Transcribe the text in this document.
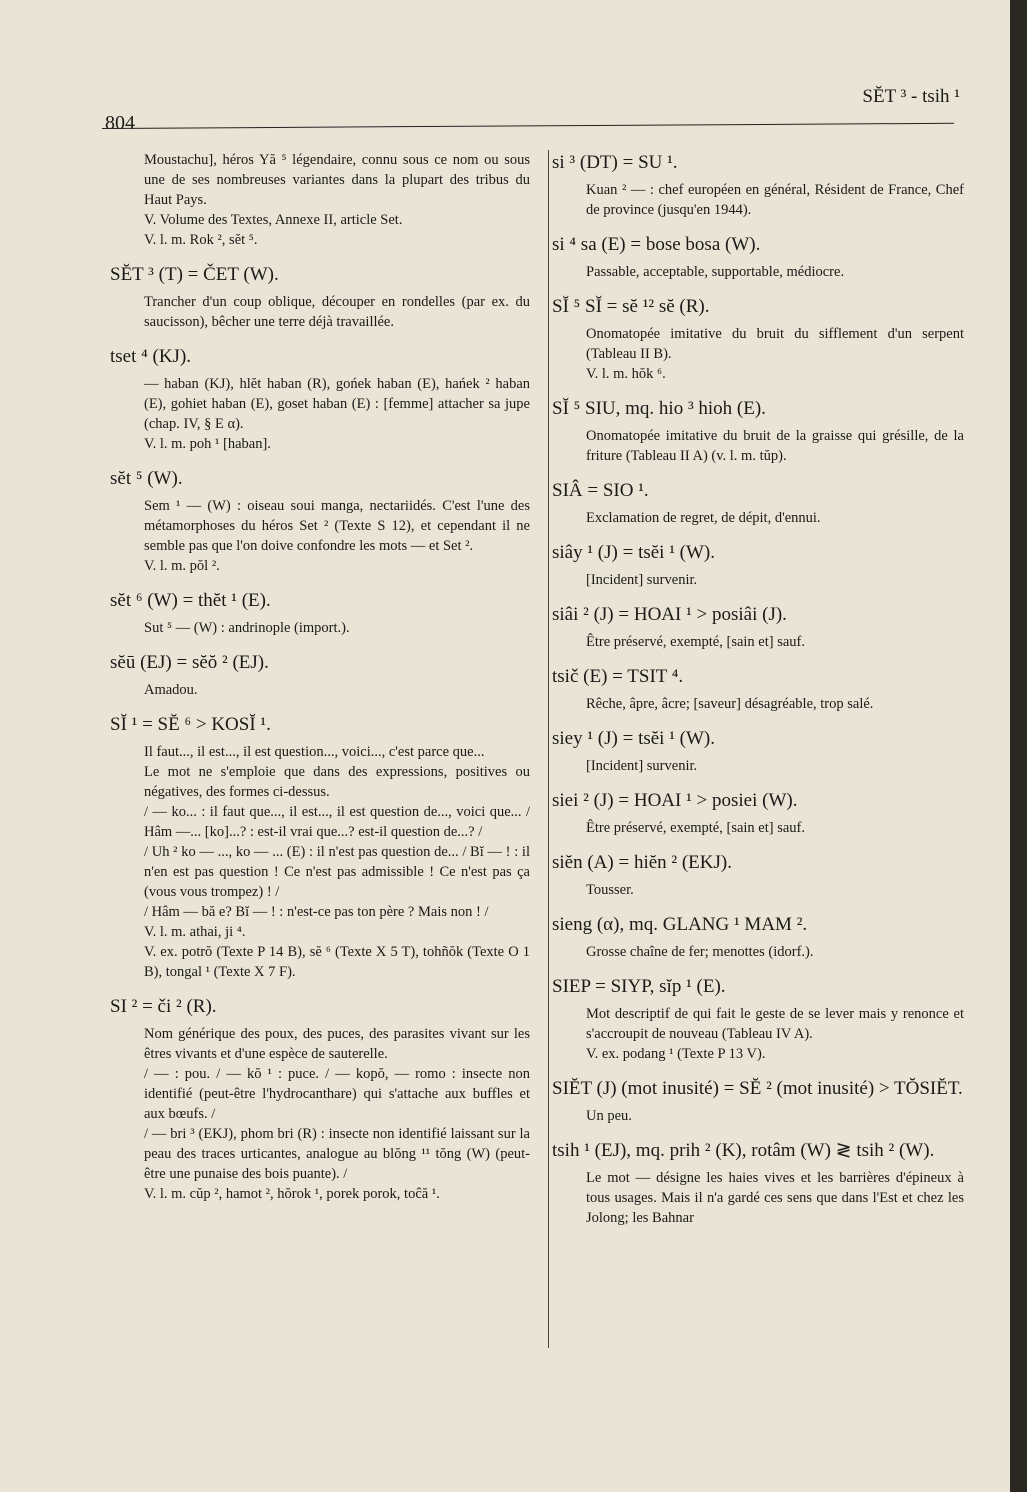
SĔT ³ - tsih ¹
804

Moustachu], héros Yă ⁵ légendaire, connu sous ce nom ou sous une de ses nombreuses variantes dans la plupart des tribus du Haut Pays.

V. Volume des Textes, Annexe II, article Set.

V. l. m. Rok ², sĕt ⁵.

SĔT ³ (T) = ČET (W).

Trancher d'un coup oblique, découper en rondelles (par ex. du saucisson), bêcher une terre déjà travaillée.

tset ⁴ (KJ).

— haban (KJ), hlĕt haban (R), gońek haban (E), hańek ² haban (E), gohiet haban (E), goset haban (E) : [femme] attacher sa jupe (chap. IV, § E α).

V. l. m. poh ¹ [haban].

sĕt ⁵ (W).

Sem ¹ — (W) : oiseau soui manga, nectariidés. C'est l'une des métamorphoses du héros Set ² (Texte S 12), et cependant il ne semble pas que l'on doive confondre les mots — et Set ².

V. l. m. pŏl ².

sĕt ⁶ (W) = thĕt ¹ (E).

Sut ⁵ — (W) : andrinople (import.).

sĕū (EJ) = sĕŏ ² (EJ).

Amadou.

SĬ ¹ = SĔ ⁶ > KOSĬ ¹.

Il faut..., il est..., il est question..., voici..., c'est parce que...

Le mot ne s'emploie que dans des expressions, positives ou négatives, des formes ci-dessus.

/ — ko... : il faut que..., il est..., il est question de..., voici que... / Hâm —... [ko]...? : est-il vrai que...? est-il question de...? /

/ Uh ² ko — ..., ko — ... (E) : il n'est pas question de... / Bĭ — ! : il n'en est pas question ! Ce n'est pas admissible ! Ce n'est pas ça (vous vous trompez) ! /

/ Hâm — bă e? Bĭ — ! : n'est-ce pas ton père ? Mais non ! /

V. l. m. athai, ji ⁴.

V. ex. potrŏ (Texte P 14 B), sĕ ⁶ (Texte X 5 T), tohñŏk (Texte O 1 B), tongal ¹ (Texte X 7 F).

SI ² = či ² (R).

Nom générique des poux, des puces, des parasites vivant sur les êtres vivants et d'une espèce de sauterelle.

/ — : pou. / — kŏ ¹ : puce. / — kopŏ, — romo : insecte non identifié (peut-être l'hydrocanthare) qui s'attache aux buffles et aux bœufs. /

/ — bri ³ (EKJ), phom bri (R) : insecte non identifié laissant sur la peau des traces urticantes, analogue au blŏng ¹¹ tŏng (W) (peut-être une punaise des bois puante). /

V. l. m. cŭp ², hamot ², hŏrok ¹, porek porok, toĉă ¹.

si ³ (DT) = SU ¹.

Kuan ² — : chef européen en général, Résident de France, Chef de province (jusqu'en 1944).

si ⁴ sa (E) = bose bosa (W).

Passable, acceptable, supportable, médiocre.

SĬ ⁵ SĬ = sĕ ¹² sĕ (R).

Onomatopée imitative du bruit du sifflement d'un serpent (Tableau II B).

V. l. m. hŏk ⁶.

SĬ ⁵ SIU, mq. hio ³ hioh (E).

Onomatopée imitative du bruit de la graisse qui grésille, de la friture (Tableau II A) (v. l. m. tŭp).

SIÂ = SIO ¹.

Exclamation de regret, de dépit, d'ennui.

siây ¹ (J) = tsĕi ¹ (W).

[Incident] survenir.

siâi ² (J) = HOAI ¹ > posiâi (J).

Être préservé, exempté, [sain et] sauf.

tsič (E) = TSIT ⁴.

Rêche, âpre, âcre; [saveur] désagréable, trop salé.

siey ¹ (J) = tsĕi ¹ (W).

[Incident] survenir.

siei ² (J) = HOAI ¹ > posiei (W).

Être préservé, exempté, [sain et] sauf.

siĕn (A) = hiĕn ² (EKJ).

Tousser.

sieng (α), mq. GLANG ¹ MAM ².

Grosse chaîne de fer; menottes (idorf.).

SIEP = SIYP, sĭp ¹ (E).

Mot descriptif de qui fait le geste de se lever mais y renonce et s'accroupit de nouveau (Tableau IV A).

V. ex. podang ¹ (Texte P 13 V).

SIĔT (J) (mot inusité) = SĔ ² (mot inusité) > TŎSIĔT.

Un peu.

tsih ¹ (EJ), mq. prih ² (K), rotâm (W) ≷ tsih ² (W).

Le mot — désigne les haies vives et les barrières d'épineux à tous usages. Mais il n'a gardé ces sens que dans l'Est et chez les Jolong; les Bahnar
